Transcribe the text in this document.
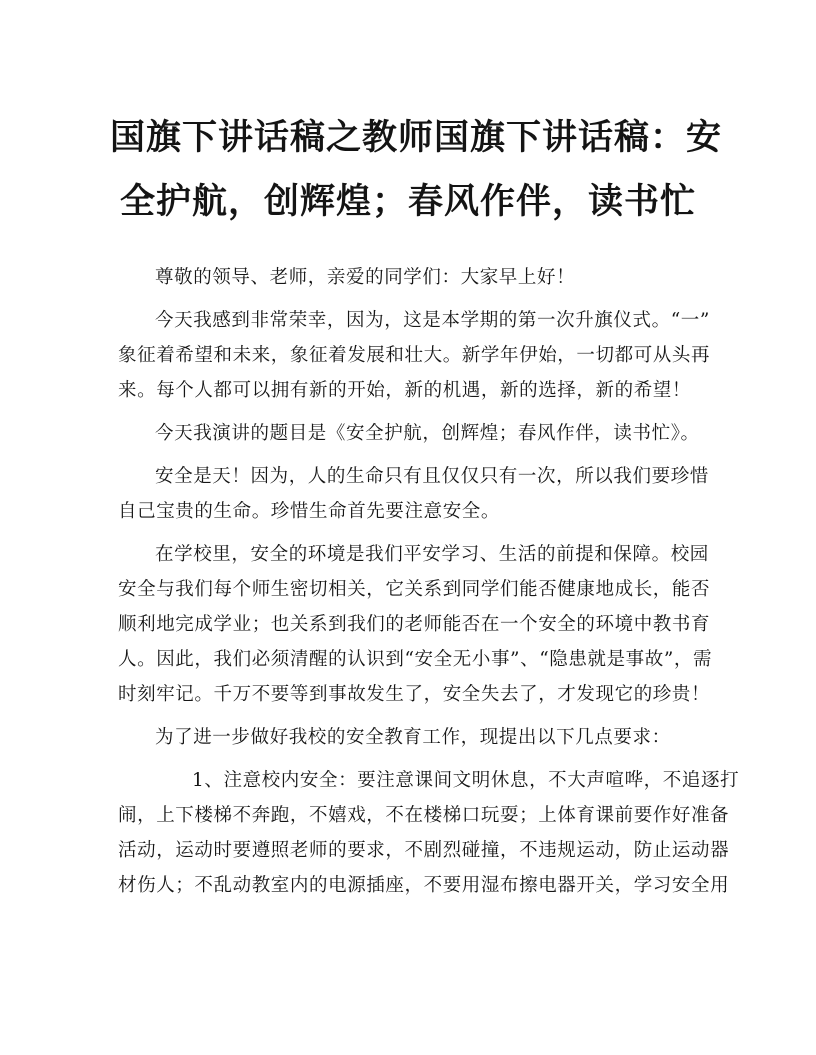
国旗下讲话稿之教师国旗下讲话稿：安
全护航，创辉煌；春风作伴，读书忙

尊敬的领导、老师，亲爱的同学们：大家早上好！

今天我感到非常荣幸，因为，这是本学期的第一次升旗仪式。“一”
象征着希望和未来，象征着发展和壮大。新学年伊始，一切都可从头再
来。每个人都可以拥有新的开始，新的机遇，新的选择，新的希望！

今天我演讲的题目是《安全护航，创辉煌；春风作伴，读书忙》。

安全是天！因为，人的生命只有且仅仅只有一次，所以我们要珍惜
自己宝贵的生命。珍惜生命首先要注意安全。

在学校里，安全的环境是我们平安学习、生活的前提和保障。校园
安全与我们每个师生密切相关，它关系到同学们能否健康地成长，能否
顺利地完成学业；也关系到我们的老师能否在一个安全的环境中教书育
人。因此，我们必须清醒的认识到“安全无小事”、“隐患就是事故”，需
时刻牢记。千万不要等到事故发生了，安全失去了，才发现它的珍贵！

为了进一步做好我校的安全教育工作，现提出以下几点要求：

1、注意校内安全：要注意课间文明休息，不大声喧哗，不追逐打
闹，上下楼梯不奔跑，不嬉戏，不在楼梯口玩耍；上体育课前要作好准备
活动，运动时要遵照老师的要求，不剧烈碰撞，不违规运动，防止运动器
材伤人；不乱动教室内的电源插座，不要用湿布擦电器开关，学习安全用
